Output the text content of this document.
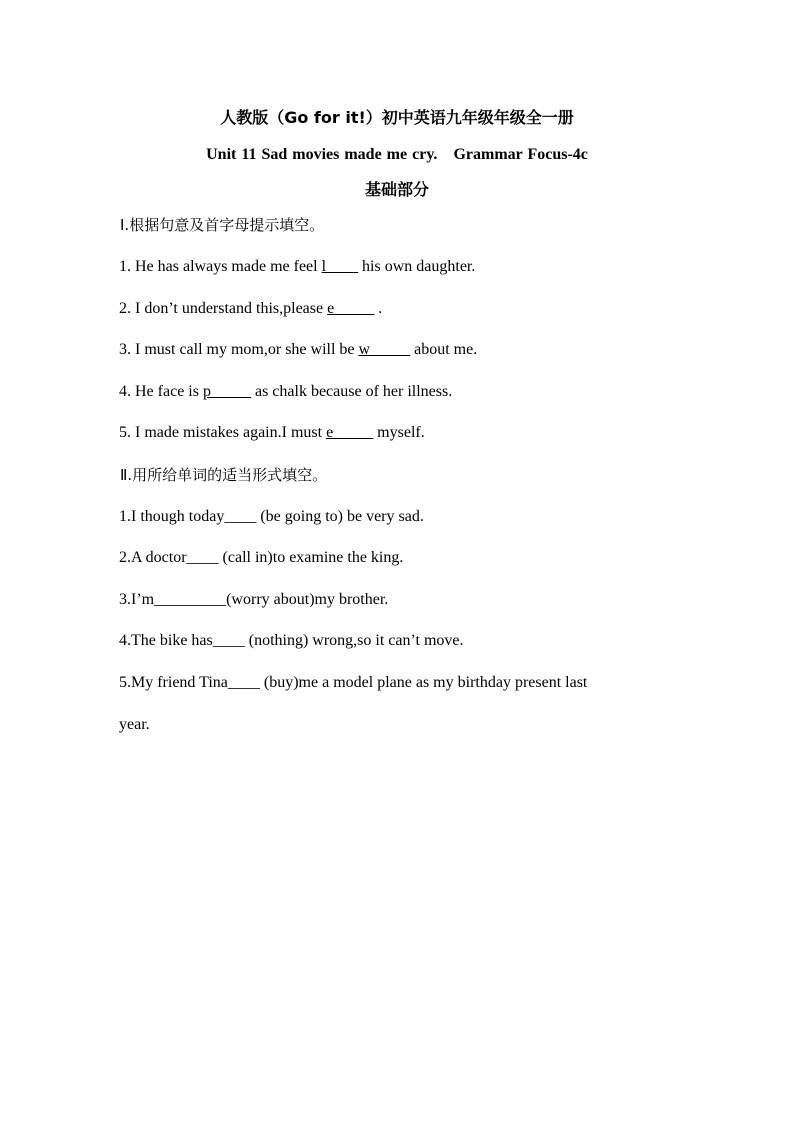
人教版（Go for it!）初中英语九年级年级全一册
Unit 11 Sad movies made me cry. Grammar Focus-4c
基础部分
Ⅰ.根据句意及首字母提示填空。
1. He has always made me feel l____ his own daughter.
2. I don’t understand this,please e_____ .
3. I must call my mom,or she will be w_____ about me.
4. He face is p_____ as chalk because of her illness.
5. I made mistakes again.I must e_____ myself.
Ⅱ.用所给单词的适当形式填空。
1.I though today____ (be going to) be very sad.
2.A doctor____ (call in)to examine the king.
3.I’m_________(worry about)my brother.
4.The bike has____ (nothing) wrong,so it can’t move.
5.My friend Tina____ (buy)me a model plane as my birthday present last
year.
